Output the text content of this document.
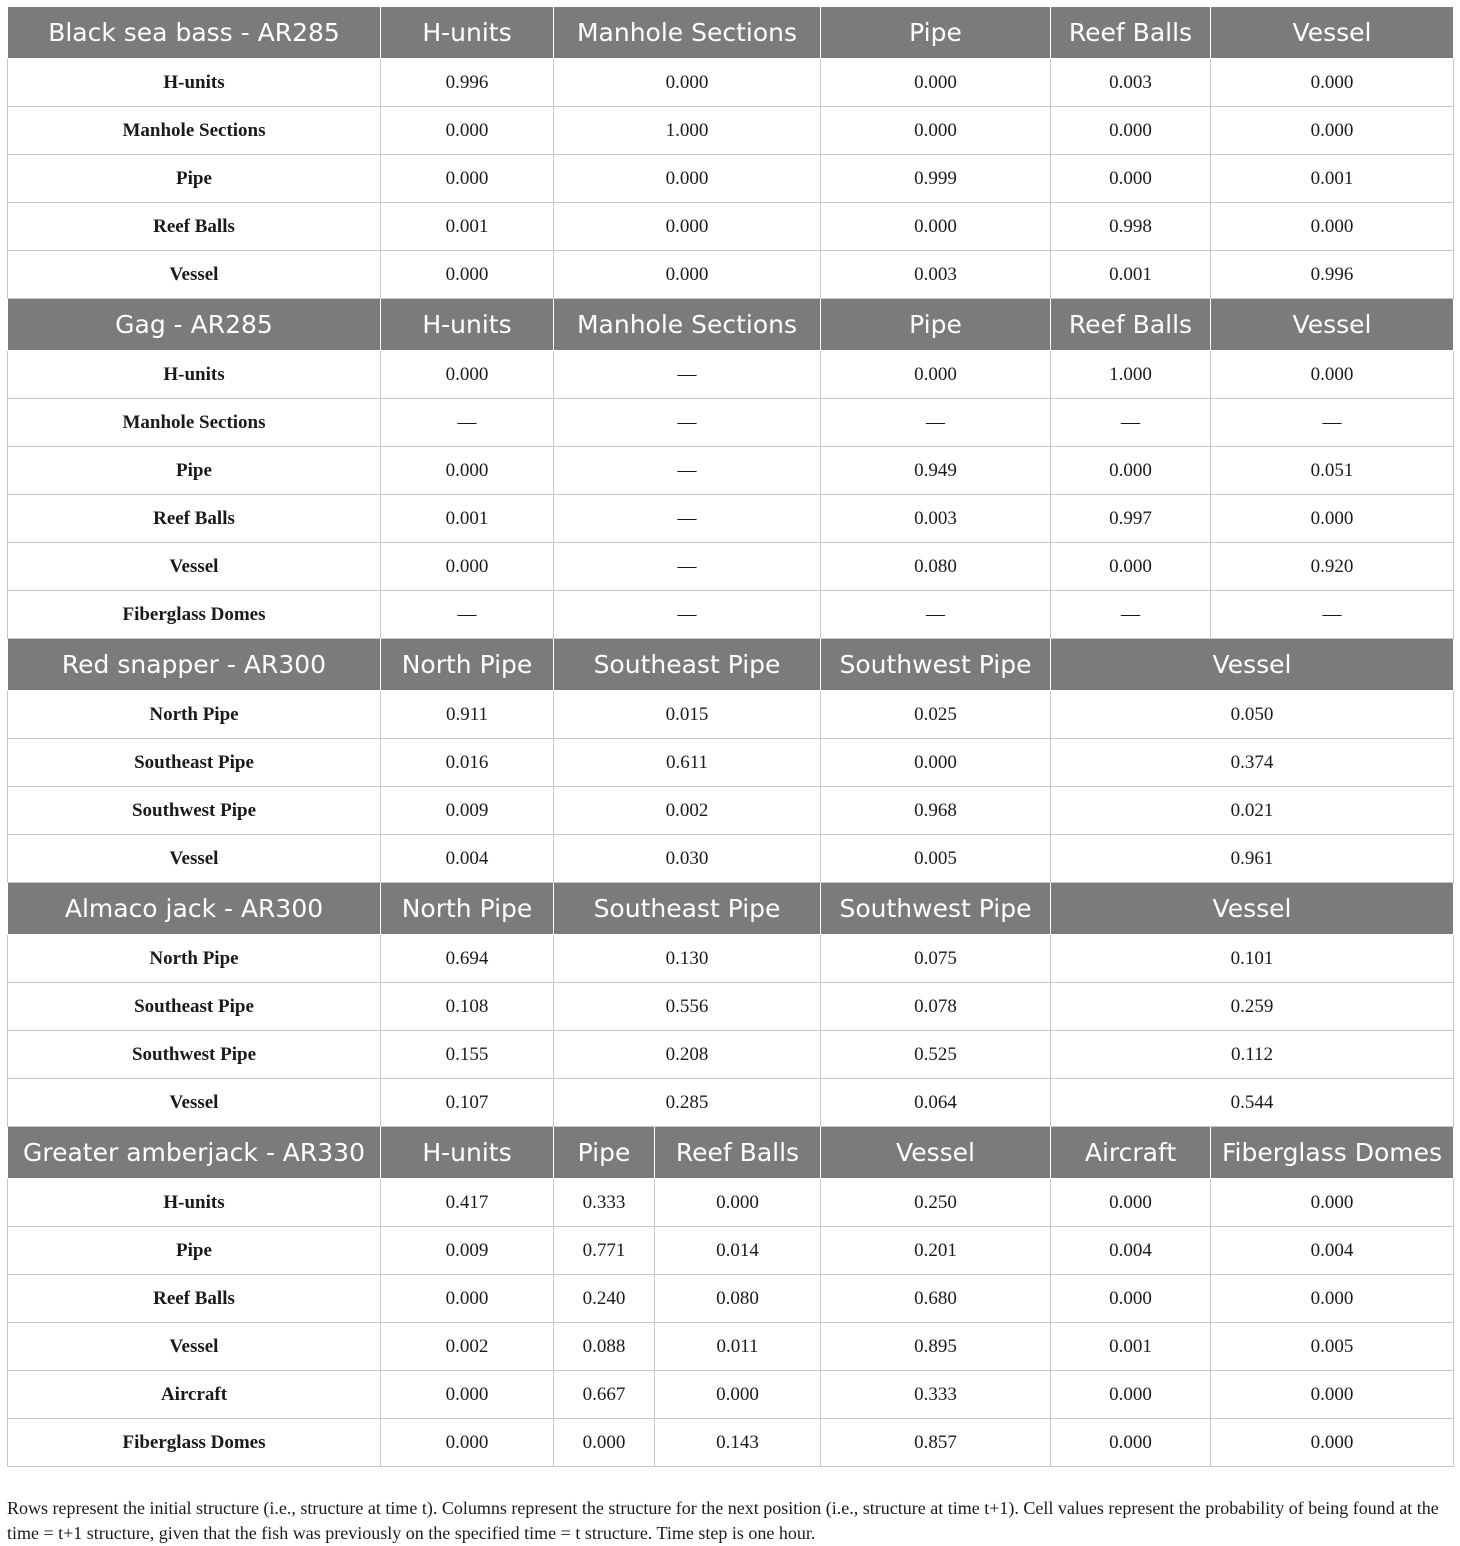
Black sea bass - AR285	H-units	Manhole Sections		Pipe	Reef Balls	Vessel
H-units	0.996	0.000		0.000	0.003	0.000
Manhole Sections	0.000	1.000		0.000	0.000	0.000
Pipe	0.000	0.000		0.999	0.000	0.001
Reef Balls	0.001	0.000		0.000	0.998	0.000
Vessel	0.000	0.000		0.003	0.001	0.996
Gag - AR285	H-units	Manhole Sections		Pipe	Reef Balls	Vessel
H-units	0.000	—		0.000	1.000	0.000
Manhole Sections	—	—		—	—	—
Pipe	0.000	—		0.949	0.000	0.051
Reef Balls	0.001	—		0.003	0.997	0.000
Vessel	0.000	—		0.080	0.000	0.920
Fiberglass Domes	—	—		—	—	—
Red snapper - AR300	North Pipe	Southeast Pipe		Southwest Pipe	Vessel	
North Pipe	0.911	0.015		0.025	0.050	
Southeast Pipe	0.016	0.611		0.000	0.374	
Southwest Pipe	0.009	0.002		0.968	0.021	
Vessel	0.004	0.030		0.005	0.961	
Almaco jack - AR300	North Pipe	Southeast Pipe		Southwest Pipe	Vessel	
North Pipe	0.694	0.130		0.075	0.101	
Southeast Pipe	0.108	0.556		0.078	0.259	
Southwest Pipe	0.155	0.208		0.525	0.112	
Vessel	0.107	0.285		0.064	0.544	
Greater amberjack - AR330	H-units	Pipe	Reef Balls	Vessel	Aircraft	Fiberglass Domes
H-units	0.417	0.333	0.000	0.250	0.000	0.000
Pipe	0.009	0.771	0.014	0.201	0.004	0.004
Reef Balls	0.000	0.240	0.080	0.680	0.000	0.000
Vessel	0.002	0.088	0.011	0.895	0.001	0.005
Aircraft	0.000	0.667	0.000	0.333	0.000	0.000
Fiberglass Domes	0.000	0.000	0.143	0.857	0.000	0.000

Rows represent the initial structure (i.e., structure at time t). Columns represent the structure for the next position (i.e., structure at time t+1). Cell values represent the probability of being found at the time = t+1 structure, given that the fish was previously on the specified time = t structure. Time step is one hour.
